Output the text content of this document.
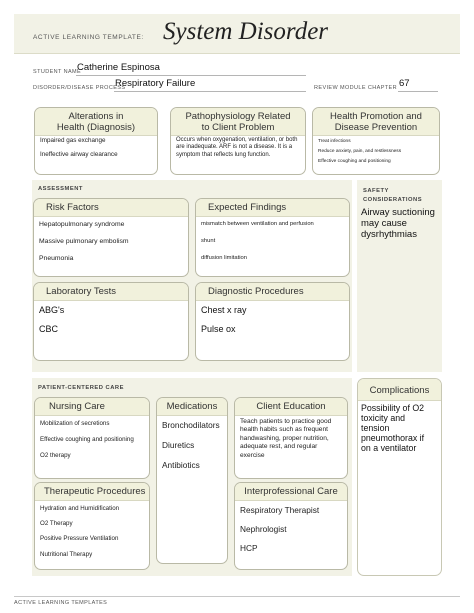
ACTIVE LEARNING TEMPLATE: System Disorder
STUDENT NAME
Catherine Espinosa
DISORDER/DISEASE PROCESS
Respiratory Failure	REVIEW MODULE CHAPTER 67
Alterations in
Health (Diagnosis)
Impaired gas exchange
Ineffective airway clearance
Pathophysiology Related
to Client Problem
Occurs when oxygenation, ventilation, or both are inadequate. ARF is not a disease. It is a symptom that reflects lung function.
Health Promotion and
Disease Prevention
Treat infections
Reduce anxiety, pain, and restlessness
Effective coughing and positioning
ASSESSMENT
Risk Factors
Hepatopulmonary syndrome
Massive pulmonary embolism
Pneumonia
Expected Findings
mismatch between ventilation and perfusion
shunt
diffusion limitation
Laboratory Tests
ABG's
CBC
Diagnostic Procedures
Chest x ray
Pulse ox
SAFETY
CONSIDERATIONS
Airway suctioning
may cause
dysrhythmias
PATIENT-CENTERED CARE
Nursing Care
Mobilization of secretions
Effective coughing and positioning
O2 therapy
Medications
Bronchodilators
Diuretics
Antibiotics
Client Education
Teach patients to practice good health habits such as frequent handwashing, proper nutrition, adequate rest, and regular exercise
Therapeutic Procedures
Hydration and Humidification
O2 Therapy
Positive Pressure Ventilation
Nutritional Therapy
Interprofessional Care
Respiratory Therapist
Nephrologist
HCP
Complications
Possibility of O2
toxicity and
tension
pneumothorax if
on a ventilator
ACTIVE LEARNING TEMPLATES
